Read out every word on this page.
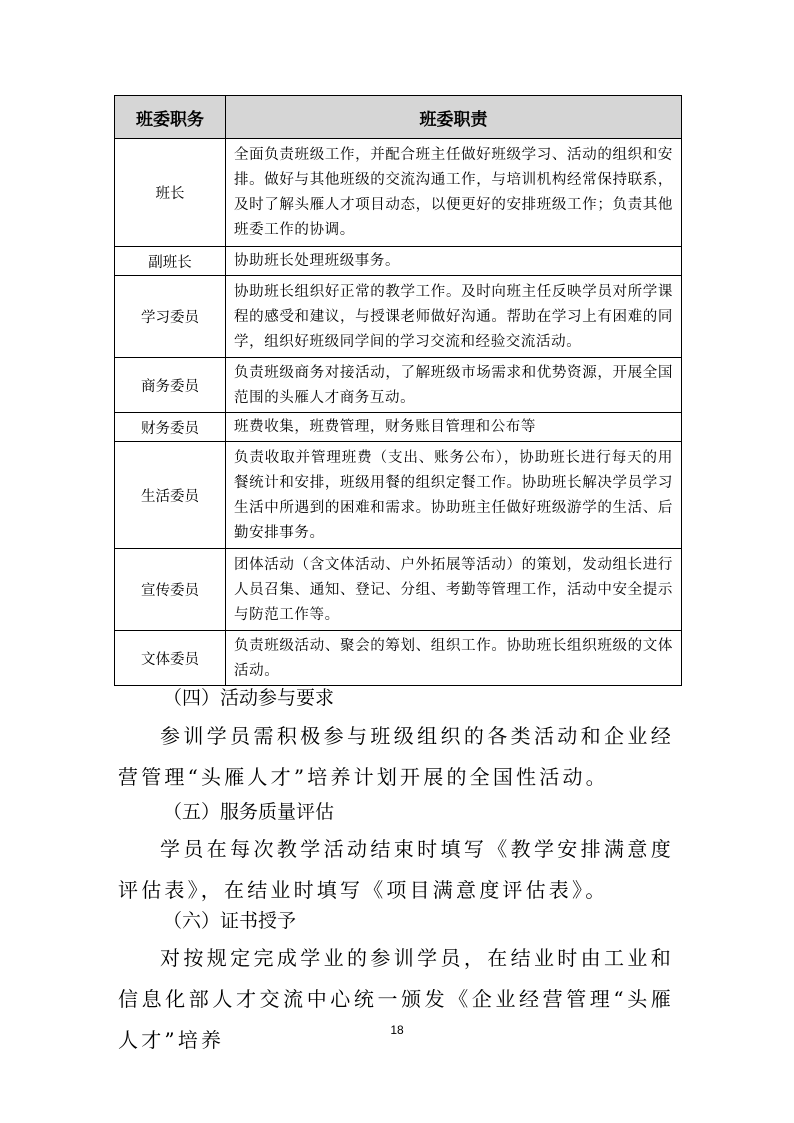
班委职务	班委职责
班长	全面负责班级工作，并配合班主任做好班级学习、活动的组织和安排。做好与其他班级的交流沟通工作，与培训机构经常保持联系，及时了解头雁人才项目动态，以便更好的安排班级工作；负责其他班委工作的协调。
副班长	协助班长处理班级事务。
学习委员	协助班长组织好正常的教学工作。及时向班主任反映学员对所学课程的感受和建议，与授课老师做好沟通。帮助在学习上有困难的同学，组织好班级同学间的学习交流和经验交流活动。
商务委员	负责班级商务对接活动，了解班级市场需求和优势资源，开展全国范围的头雁人才商务互动。
财务委员	班费收集，班费管理，财务账目管理和公布等
生活委员	负责收取并管理班费（支出、账务公布），协助班长进行每天的用餐统计和安排，班级用餐的组织定餐工作。协助班长解决学员学习生活中所遇到的困难和需求。协助班主任做好班级游学的生活、后勤安排事务。
宣传委员	团体活动（含文体活动、户外拓展等活动）的策划，发动组长进行人员召集、通知、登记、分组、考勤等管理工作，活动中安全提示与防范工作等。
文体委员	负责班级活动、聚会的筹划、组织工作。协助班长组织班级的文体活动。
（四）活动参与要求
参训学员需积极参与班级组织的各类活动和企业经营管理“头雁人才”培养计划开展的全国性活动。
（五）服务质量评估
学员在每次教学活动结束时填写《教学安排满意度评估表》，在结业时填写《项目满意度评估表》。
（六）证书授予
对按规定完成学业的参训学员，在结业时由工业和信息化部人才交流中心统一颁发《企业经营管理“头雁人才”培养	18
